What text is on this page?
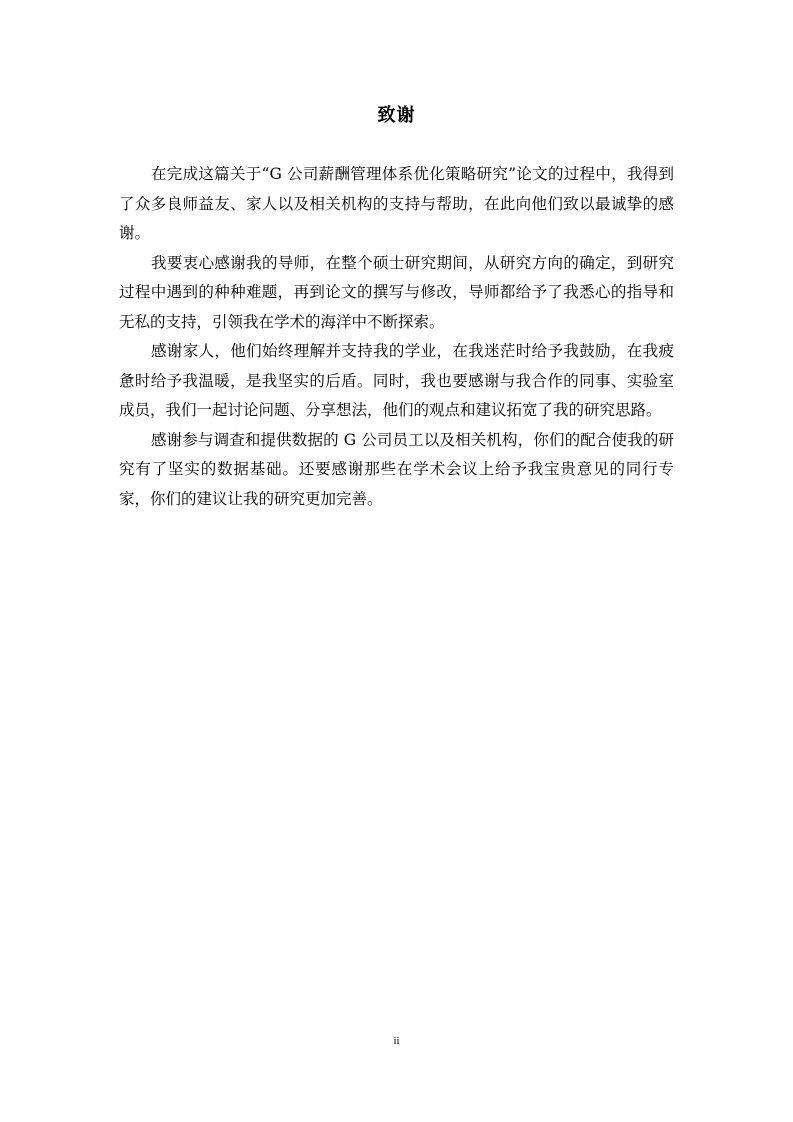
致谢

在完成这篇关于“G 公司薪酬管理体系优化策略研究”论文的过程中，我得到了众多良师益友、家人以及相关机构的支持与帮助，在此向他们致以最诚挚的感谢。

我要衷心感谢我的导师，在整个硕士研究期间，从研究方向的确定，到研究过程中遇到的种种难题，再到论文的撰写与修改，导师都给予了我悉心的指导和无私的支持，引领我在学术的海洋中不断探索。

感谢家人，他们始终理解并支持我的学业，在我迷茫时给予我鼓励，在我疲惫时给予我温暖，是我坚实的后盾。同时，我也要感谢与我合作的同事、实验室成员，我们一起讨论问题、分享想法，他们的观点和建议拓宽了我的研究思路。

感谢参与调查和提供数据的 G 公司员工以及相关机构，你们的配合使我的研究有了坚实的数据基础。还要感谢那些在学术会议上给予我宝贵意见的同行专家，你们的建议让我的研究更加完善。

ii
